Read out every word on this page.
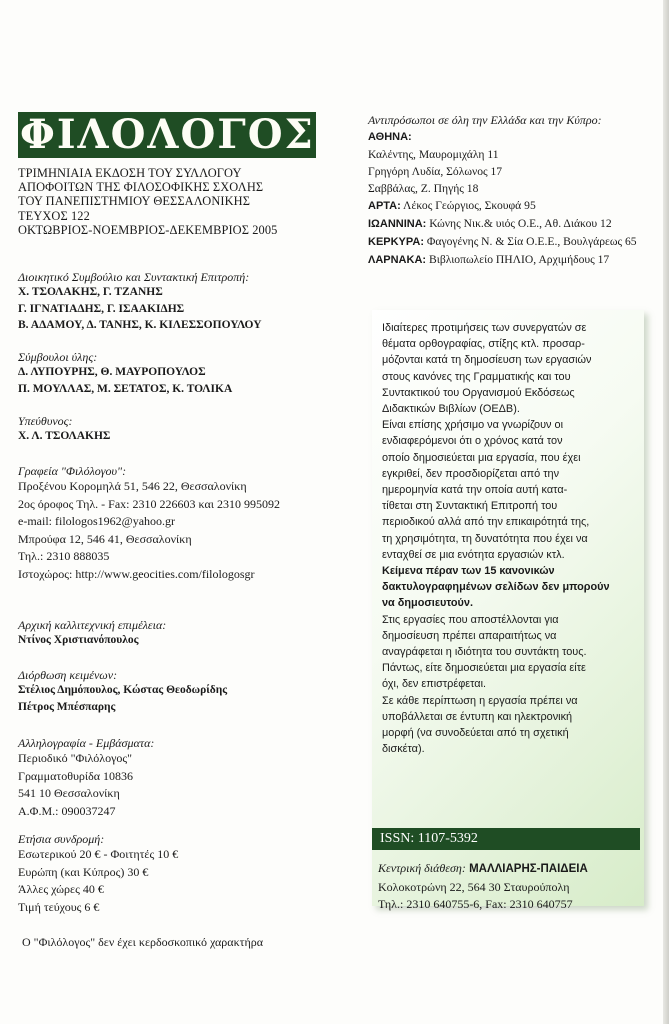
ΦΙΛΟΛΟΓΟΣ
ΤΡΙΜΗΝΙΑΙΑ ΕΚΔΟΣΗ ΤΟΥ ΣΥΛΛΟΓΟΥ
ΑΠΟΦΟΙΤΩΝ ΤΗΣ ΦΙΛΟΣΟΦΙΚΗΣ ΣΧΟΛΗΣ
ΤΟΥ ΠΑΝΕΠΙΣΤΗΜΙΟΥ ΘΕΣΣΑΛΟΝΙΚΗΣ
ΤΕΥΧΟΣ 122
ΟΚΤΩΒΡΙΟΣ-ΝΟΕΜΒΡΙΟΣ-ΔΕΚΕΜΒΡΙΟΣ 2005
Διοικητικό Συμβούλιο και Συντακτική Επιτροπή:
Χ. ΤΣΟΛΑΚΗΣ, Γ. ΤΖΑΝΗΣ
Γ. ΙΓΝΑΤΙΑΔΗΣ, Γ. ΙΣΑΑΚΙΔΗΣ
Β. ΑΔΑΜΟΥ, Δ. ΤΑΝΗΣ, Κ. ΚΙΛΕΣΣΟΠΟΥΛΟΥ
Σύμβουλοι ύλης:
Δ. ΛΥΠΟΥΡΗΣ, Θ. ΜΑΥΡΟΠΟΥΛΟΣ
Π. ΜΟΥΛΛΑΣ, Μ. ΣΕΤΑΤΟΣ, Κ. ΤΟΛΙΚΑ
Υπεύθυνος:
Χ. Λ. ΤΣΟΛΑΚΗΣ
Γραφεία "Φιλόλογου":
Προξένου Κορομηλά 51, 546 22, Θεσσαλονίκη
2ος όροφος Τηλ. - Fax: 2310 226603 και 2310 995092
e-mail: filologos1962@yahoo.gr
Μπρούφα 12, 546 41, Θεσσαλονίκη
Τηλ.: 2310 888035
Ιστοχώρος: http://www.geocities.com/filologosgr
Αρχική καλλιτεχνική επιμέλεια:
Ντίνος Χριστιανόπουλος
Διόρθωση κειμένων:
Στέλιος Δημόπουλος, Κώστας Θεοδωρίδης
Πέτρος Μπέσπαρης
Αλληλογραφία - Εμβάσματα:
Περιοδικό "Φιλόλογος"
Γραμματοθυρίδα 10836
541 10 Θεσσαλονίκη
Α.Φ.Μ.: 090037247
Ετήσια συνδρομή:
Εσωτερικού 20 € - Φοιτητές 10 €
Ευρώπη (και Κύπρος) 30 €
Άλλες χώρες 40 €
Τιμή τεύχους 6 €
Ο "Φιλόλογος" δεν έχει κερδοσκοπικό χαρακτήρα
Αντιπρόσωποι σε όλη την Ελλάδα και την Κύπρο:
ΑΘΗΝΑ:
Καλέντης, Μαυρομιχάλη 11
Γρηγόρη Λυδία, Σόλωνος 17
Σαββάλας, Ζ. Πηγής 18
ΑΡΤΑ: Λέκος Γεώργιος, Σκουφά 95
ΙΩΑΝΝΙΝΑ: Κώνης Νικ.& υιός Ο.Ε., Αθ. Διάκου 12
ΚΕΡΚΥΡΑ: Φαγογένης Ν. & Σία Ο.Ε.Ε., Βουλγάρεως 65
ΛΑΡΝΑΚΑ: Βιβλιοπωλείο ΠΗΛΙΟ, Αρχιμήδους 17
Ιδιαίτερες προτιμήσεις των συνεργατών σε
θέματα ορθογραφίας, στίξης κτλ. προσαρ-
μόζονται κατά τη δημοσίευση των εργασιών
στους κανόνες της Γραμματικής και του
Συντακτικού του Οργανισμού Εκδόσεως
Διδακτικών Βιβλίων (ΟΕΔΒ).
Είναι επίσης χρήσιμο να γνωρίζουν οι
ενδιαφερόμενοι ότι ο χρόνος κατά τον
οποίο δημοσιεύεται μια εργασία, που έχει
εγκριθεί, δεν προσδιορίζεται από την
ημερομηνία κατά την οποία αυτή κατα-
τίθεται στη Συντακτική Επιτροπή του
περιοδικού αλλά από την επικαιρότητά της,
τη χρησιμότητα, τη δυνατότητα που έχει να
ενταχθεί σε μια ενότητα εργασιών κτλ.
Κείμενα πέραν των 15 κανονικών
δακτυλογραφημένων σελίδων δεν μπορούν
να δημοσιευτούν.
Στις εργασίες που αποστέλλονται για
δημοσίευση πρέπει απαραιτήτως να
αναγράφεται η ιδιότητα του συντάκτη τους.
Πάντως, είτε δημοσιεύεται μια εργασία είτε
όχι, δεν επιστρέφεται.
Σε κάθε περίπτωση η εργασία πρέπει να
υποβάλλεται σε έντυπη και ηλεκτρονική
μορφή (να συνοδεύεται από τη σχετική
δισκέτα).
ISSN: 1107-5392
Κεντρική διάθεση: ΜΑΛΛΙΑΡΗΣ-ΠΑΙΔΕΙΑ
Κολοκοτρώνη 22, 564 30 Σταυρούπολη
Τηλ.: 2310 640755-6, Fax: 2310 640757
